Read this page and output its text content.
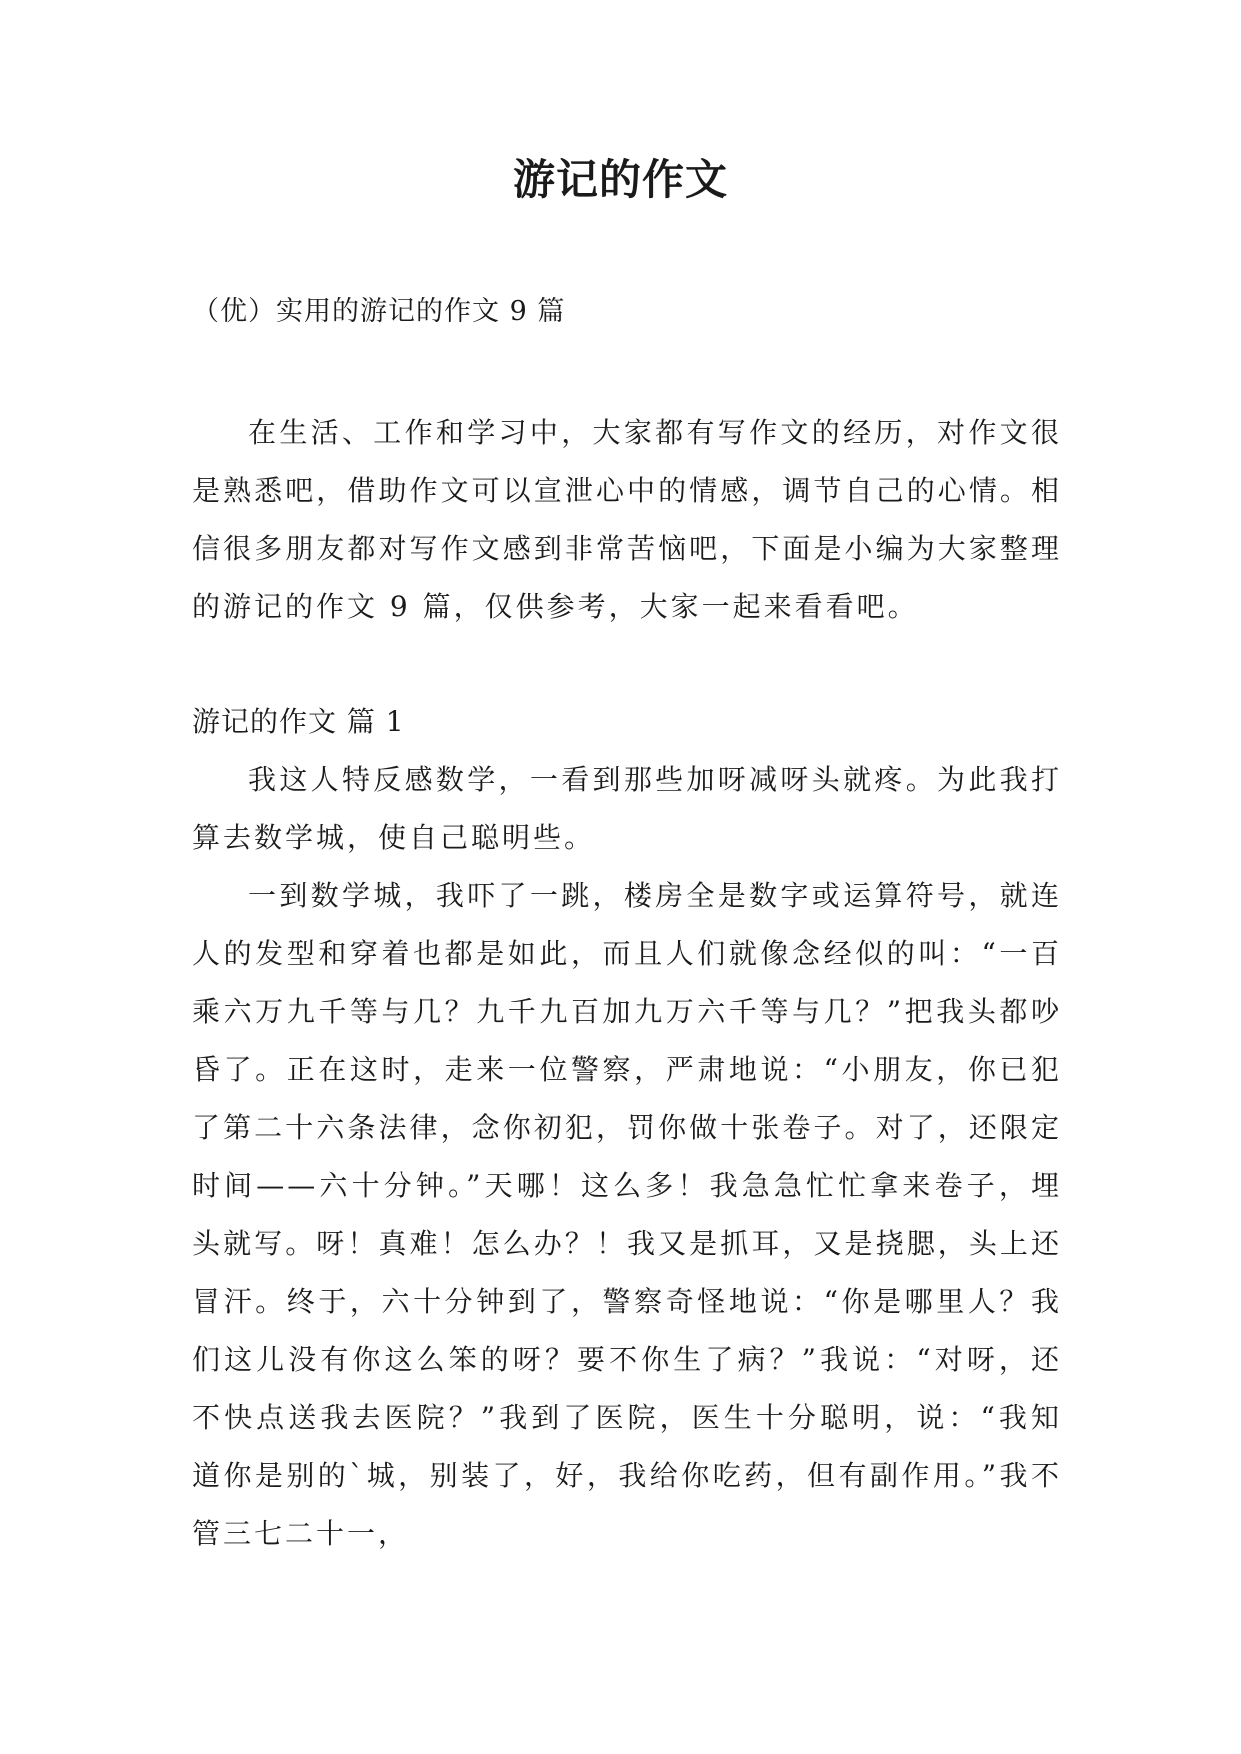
游记的作文
（优）实用的游记的作文 9 篇

在生活、工作和学习中，大家都有写作文的经历，对作文很是熟悉吧，借助作文可以宣泄心中的情感，调节自己的心情。相信很多朋友都对写作文感到非常苦恼吧，下面是小编为大家整理的游记的作文 9 篇，仅供参考，大家一起来看看吧。

游记的作文 篇 1

我这人特反感数学，一看到那些加呀减呀头就疼。为此我打算去数学城，使自己聪明些。

一到数学城，我吓了一跳，楼房全是数字或运算符号，就连人的发型和穿着也都是如此，而且人们就像念经似的叫：“一百乘六万九千等与几？九千九百加九万六千等与几？”把我头都吵昏了。正在这时，走来一位警察，严肃地说：“小朋友，你已犯了第二十六条法律，念你初犯，罚你做十张卷子。对了，还限定时间——六十分钟。”天哪！这么多！我急急忙忙拿来卷子，埋头就写。呀！真难！怎么办？！我又是抓耳，又是挠腮，头上还冒汗。终于，六十分钟到了，警察奇怪地说：“你是哪里人？我们这儿没有你这么笨的呀？要不你生了病？”我说：“对呀，还不快点送我去医院？”我到了医院，医生十分聪明，说：“我知道你是别的`城，别装了，好，我给你吃药，但有副作用。”我不管三七二十一，
